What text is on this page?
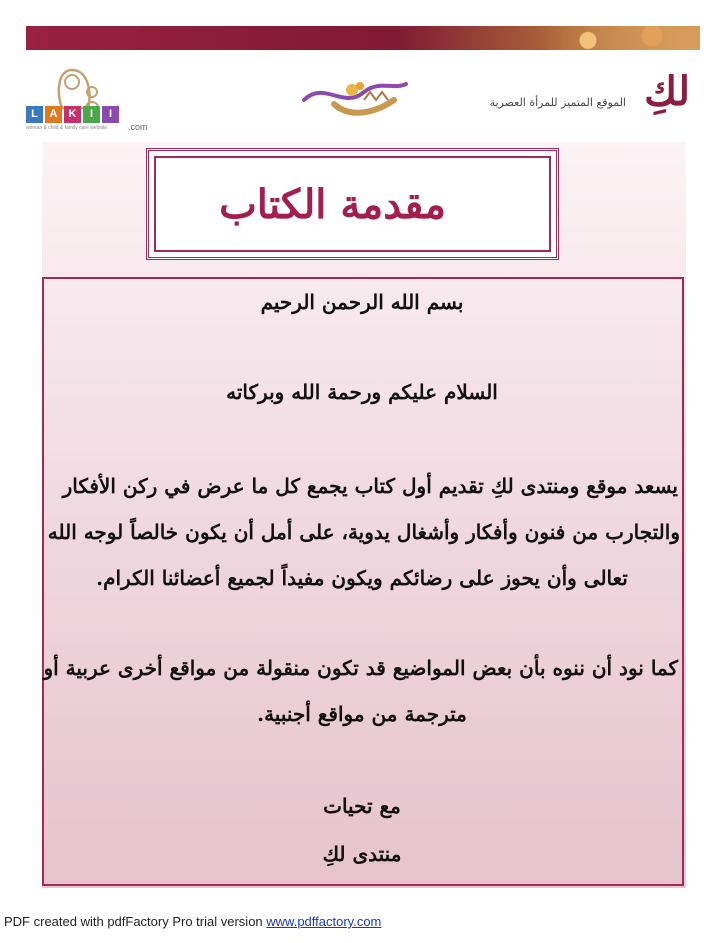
L	A	K	I	I
.com
woman & child & family care website
لكِ
الموقع المتميز للمرأة العصرية
مقدمة الكتاب
بسم الله الرحمن الرحيم
السلام عليكم ورحمة الله وبركاته
يسعد موقع ومنتدى لكِ تقديم أول كتاب يجمع كل ما عرض في ركن الأفكار
والتجارب من فنون وأفكار وأشغال يدوية، على أمل أن يكون خالصاً لوجه الله
تعالى وأن يحوز على رضائكم ويكون مفيداً لجميع أعضائنا الكرام.
كما نود أن ننوه بأن بعض المواضيع قد تكون منقولة من مواقع أخرى عربية أو
مترجمة من مواقع أجنبية.
مع تحيات
منتدى لكِ
PDF created with pdfFactory Pro trial version www.pdffactory.com
